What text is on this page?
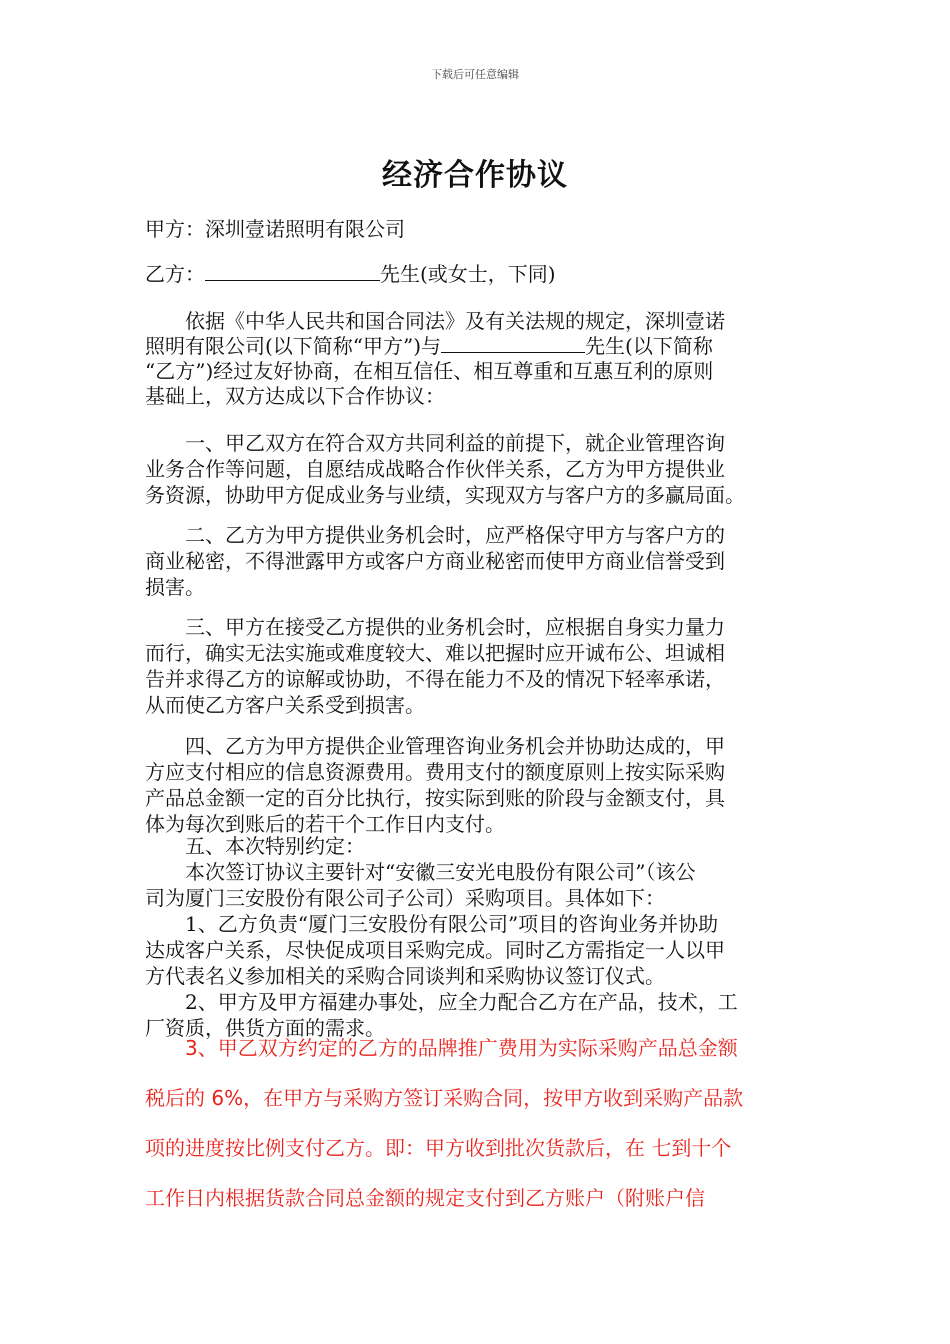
下载后可任意编辑
经济合作协议
甲方：深圳壹诺照明有限公司
乙方：	先生(或女士，下同)
　　依据《中华人民共和国合同法》及有关法规的规定，深圳壹诺
照明有限公司(以下简称“甲方”)与	先生(以下简称
“乙方”)经过友好协商，在相互信任、相互尊重和互惠互利的原则
基础上，双方达成以下合作协议：
　　一、甲乙双方在符合双方共同利益的前提下，就企业管理咨询
业务合作等问题，自愿结成战略合作伙伴关系，乙方为甲方提供业
务资源，协助甲方促成业务与业绩，实现双方与客户方的多赢局面。
　　二、乙方为甲方提供业务机会时，应严格保守甲方与客户方的
商业秘密，不得泄露甲方或客户方商业秘密而使甲方商业信誉受到
损害。
　　三、甲方在接受乙方提供的业务机会时，应根据自身实力量力
而行，确实无法实施或难度较大、难以把握时应开诚布公、坦诚相
告并求得乙方的谅解或协助，不得在能力不及的情况下轻率承诺，
从而使乙方客户关系受到损害。
　　四、乙方为甲方提供企业管理咨询业务机会并协助达成的，甲
方应支付相应的信息资源费用。费用支付的额度原则上按实际采购
产品总金额一定的百分比执行，按实际到账的阶段与金额支付，具
体为每次到账后的若干个工作日内支付。
　　五、本次特别约定：
　　本次签订协议主要针对“安徽三安光电股份有限公司”（该公
司为厦门三安股份有限公司子公司）采购项目。具体如下：
　　1、乙方负责“厦门三安股份有限公司”项目的咨询业务并协助
达成客户关系，尽快促成项目采购完成。同时乙方需指定一人以甲
方代表名义参加相关的采购合同谈判和采购协议签订仪式。
　　2、甲方及甲方福建办事处，应全力配合乙方在产品，技术，工
厂资质，供货方面的需求。
　　3、甲乙双方约定的乙方的品牌推广费用为实际采购产品总金额
税后的 6%，在甲方与采购方签订采购合同，按甲方收到采购产品款
项的进度按比例支付乙方。即：甲方收到批次货款后，在 七到十个
工作日内根据货款合同总金额的规定支付到乙方账户（附账户信
